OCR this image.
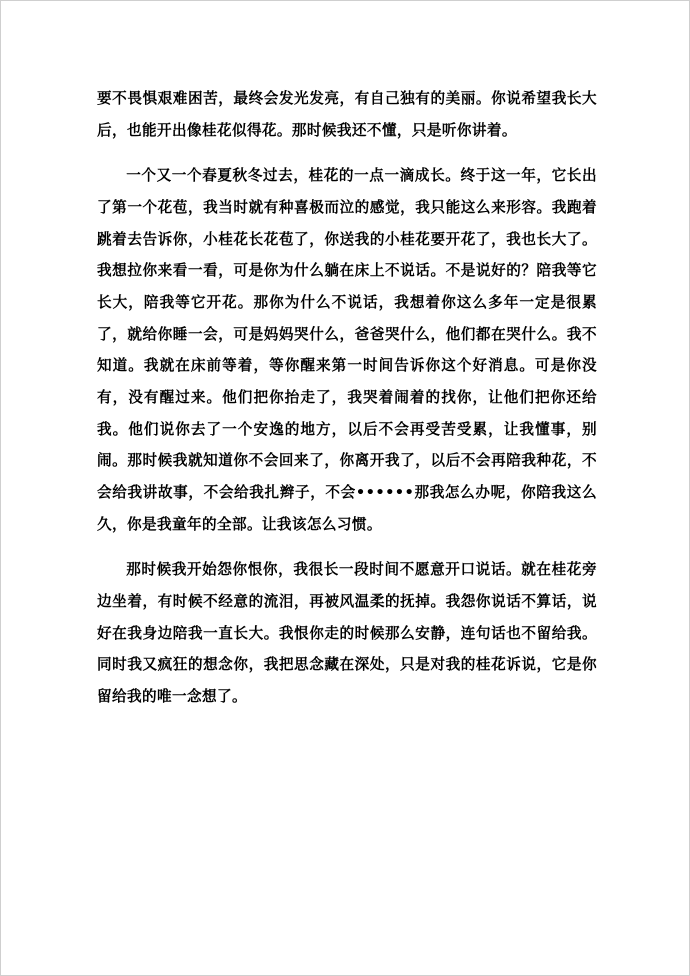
要不畏惧艰难困苦，最终会发光发亮，有自己独有的美丽。你说希望我长大后，也能开出像桂花似得花。那时候我还不懂，只是听你讲着。

一个又一个春夏秋冬过去，桂花的一点一滴成长。终于这一年，它长出了第一个花苞，我当时就有种喜极而泣的感觉，我只能这么来形容。我跑着跳着去告诉你，小桂花长花苞了，你送我的小桂花要开花了，我也长大了。我想拉你来看一看，可是你为什么躺在床上不说话。不是说好的？陪我等它长大，陪我等它开花。那你为什么不说话，我想着你这么多年一定是很累了，就给你睡一会，可是妈妈哭什么，爸爸哭什么，他们都在哭什么。我不知道。我就在床前等着，等你醒来第一时间告诉你这个好消息。可是你没有，没有醒过来。他们把你抬走了，我哭着闹着的找你，让他们把你还给我。他们说你去了一个安逸的地方，以后不会再受苦受累，让我懂事，别闹。那时候我就知道你不会回来了，你离开我了，以后不会再陪我种花，不会给我讲故事，不会给我扎辫子，不会••••••那我怎么办呢，你陪我这么久，你是我童年的全部。让我该怎么习惯。

那时候我开始怨你恨你，我很长一段时间不愿意开口说话。就在桂花旁边坐着，有时候不经意的流泪，再被风温柔的抚掉。我怨你说话不算话，说好在我身边陪我一直长大。我恨你走的时候那么安静，连句话也不留给我。同时我又疯狂的想念你，我把思念藏在深处，只是对我的桂花诉说，它是你留给我的唯一念想了。
